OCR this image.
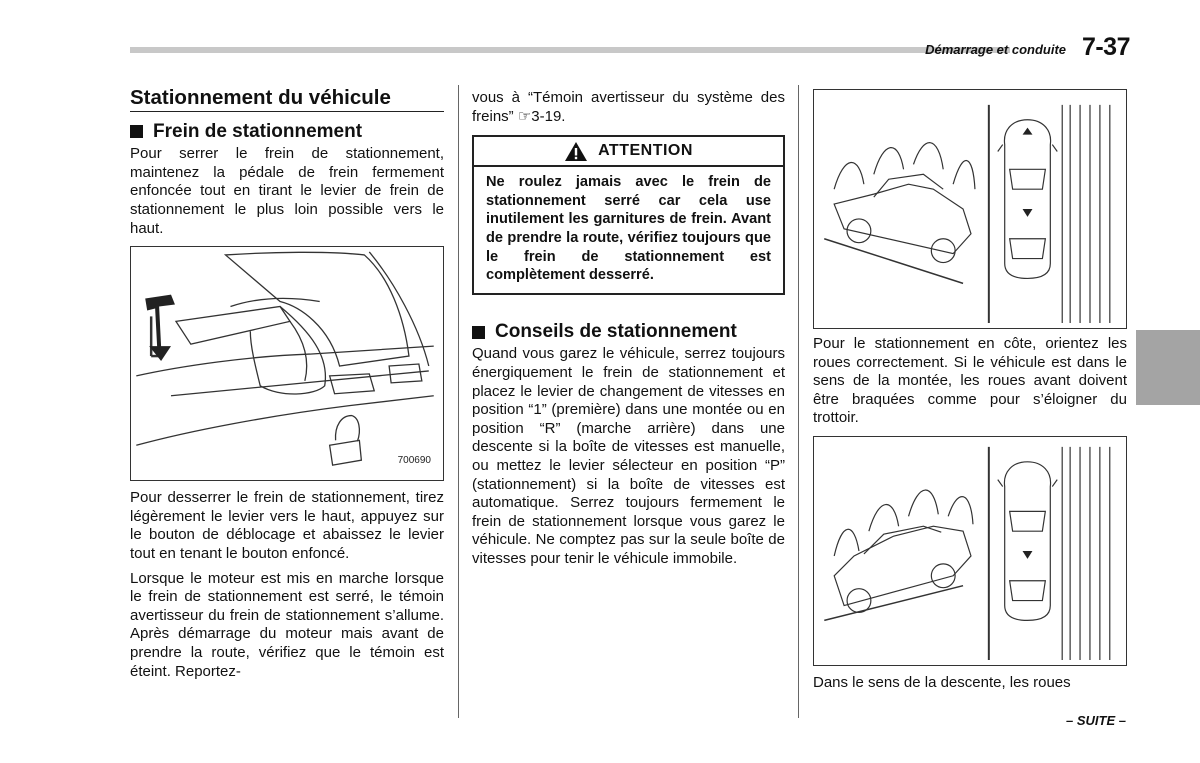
Démarrage et conduite 7-37
Stationnement du véhicule
Frein de stationnement

Pour serrer le frein de stationnement, maintenez la pédale de frein fermement enfoncée tout en tirant le levier de frein de stationnement le plus loin possible vers le haut.

700690

Pour desserrer le frein de stationnement, tirez légèrement le levier vers le haut, appuyez sur le bouton de déblocage et abaissez le levier tout en tenant le bouton enfoncé.

Lorsque le moteur est mis en marche lorsque le frein de stationnement est serré, le témoin avertisseur du frein de stationnement s’allume. Après démarrage du moteur mais avant de prendre la route, vérifiez que le témoin est éteint. Reportez-

vous à “Témoin avertisseur du système des freins” ☞3-19.

ATTENTION
Ne roulez jamais avec le frein de stationnement serré car cela use inutilement les garnitures de frein. Avant de prendre la route, vérifiez toujours que le frein de stationnement est complètement desserré.
Conseils de stationnement

Quand vous garez le véhicule, serrez toujours énergiquement le frein de stationnement et placez le levier de changement de vitesses en position “1” (première) dans une montée ou en position “R” (marche arrière) dans une descente si la boîte de vitesses est manuelle, ou mettez le levier sélecteur en position “P” (stationnement) si la boîte de vitesses est automatique. Serrez toujours fermement le frein de stationnement lorsque vous garez le véhicule. Ne comptez pas sur la seule boîte de vitesses pour tenir le véhicule immobile.

Pour le stationnement en côte, orientez les roues correctement. Si le véhicule est dans le sens de la montée, les roues avant doivent être braquées comme pour s’éloigner du trottoir.

Dans le sens de la descente, les roues

– SUITE –
